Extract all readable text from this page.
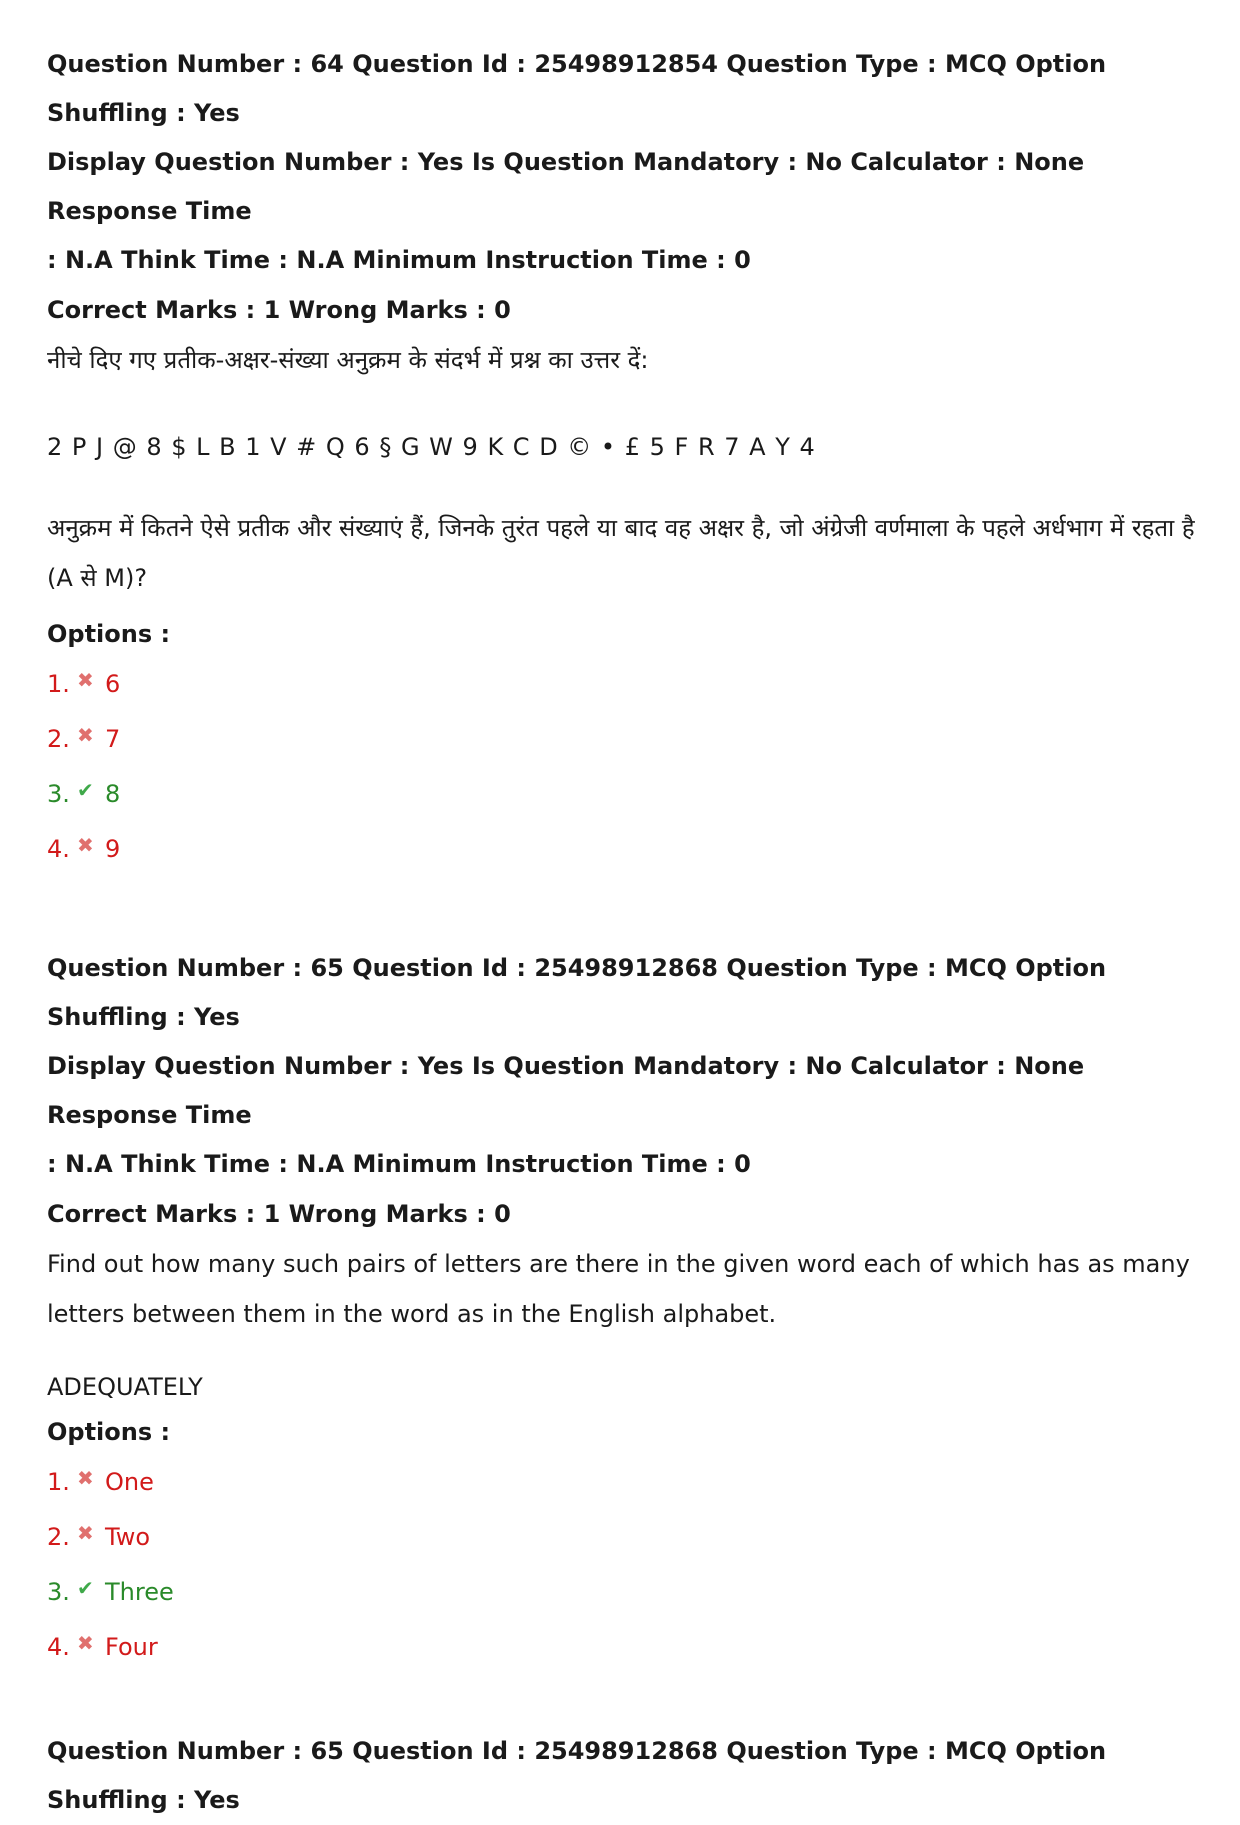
Question Number : 64 Question Id : 25498912854 Question Type : MCQ Option Shuffling : Yes
Display Question Number : Yes Is Question Mandatory : No Calculator : None Response Time
: N.A Think Time : N.A Minimum Instruction Time : 0
Correct Marks : 1 Wrong Marks : 0
नीचे दिए गए प्रतीक-अक्षर-संख्या अनुक्रम के संदर्भ में प्रश्न का उत्तर दें:
2 P J @ 8 $ L B 1 V # Q 6 § G W 9 K C D © • £ 5 F R 7 A Y 4
अनुक्रम में कितने ऐसे प्रतीक और संख्याएं हैं, जिनके तुरंत पहले या बाद वह अक्षर है, जो अंग्रेजी वर्णमाला के पहले अर्धभाग में रहता है
(A से M)?
Options :
1. ✖ 6
2. ✖ 7
3. ✔ 8
4. ✖ 9
Question Number : 65 Question Id : 25498912868 Question Type : MCQ Option Shuffling : Yes
Display Question Number : Yes Is Question Mandatory : No Calculator : None Response Time
: N.A Think Time : N.A Minimum Instruction Time : 0
Correct Marks : 1 Wrong Marks : 0
Find out how many such pairs of letters are there in the given word each of which has as many
letters between them in the word as in the English alphabet.
ADEQUATELY
Options :
1. ✖ One
2. ✖ Two
3. ✔ Three
4. ✖ Four
Question Number : 65 Question Id : 25498912868 Question Type : MCQ Option Shuffling : Yes
